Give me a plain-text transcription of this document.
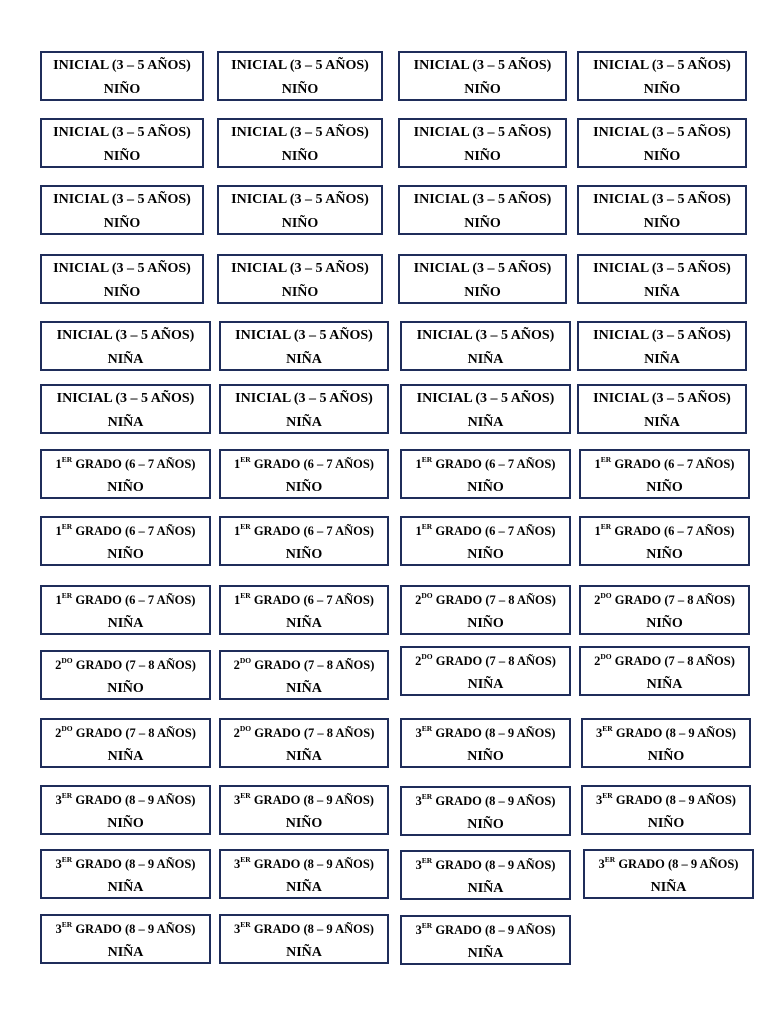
INICIAL (3 – 5 AÑOS)
NIÑO
INICIAL (3 – 5 AÑOS)
NIÑO
INICIAL (3 – 5 AÑOS)
NIÑO
INICIAL (3 – 5 AÑOS)
NIÑO
INICIAL (3 – 5 AÑOS)
NIÑO
INICIAL (3 – 5 AÑOS)
NIÑO
INICIAL (3 – 5 AÑOS)
NIÑO
INICIAL (3 – 5 AÑOS)
NIÑO
INICIAL (3 – 5 AÑOS)
NIÑO
INICIAL (3 – 5 AÑOS)
NIÑO
INICIAL (3 – 5 AÑOS)
NIÑO
INICIAL (3 – 5 AÑOS)
NIÑO
INICIAL (3 – 5 AÑOS)
NIÑO
INICIAL (3 – 5 AÑOS)
NIÑO
INICIAL (3 – 5 AÑOS)
NIÑO
INICIAL (3 – 5 AÑOS)
NIÑA
INICIAL (3 – 5 AÑOS)
NIÑA
INICIAL (3 – 5 AÑOS)
NIÑA
INICIAL (3 – 5 AÑOS)
NIÑA
INICIAL (3 – 5 AÑOS)
NIÑA
INICIAL (3 – 5 AÑOS)
NIÑA
INICIAL (3 – 5 AÑOS)
NIÑA
INICIAL (3 – 5 AÑOS)
NIÑA
INICIAL (3 – 5 AÑOS)
NIÑA
1ER GRADO (6 – 7 AÑOS)
NIÑO
1ER GRADO (6 – 7 AÑOS)
NIÑO
1ER GRADO (6 – 7 AÑOS)
NIÑO
1ER GRADO (6 – 7 AÑOS)
NIÑO
1ER GRADO (6 – 7 AÑOS)
NIÑO
1ER GRADO (6 – 7 AÑOS)
NIÑO
1ER GRADO (6 – 7 AÑOS)
NIÑO
1ER GRADO (6 – 7 AÑOS)
NIÑO
1ER GRADO (6 – 7 AÑOS)
NIÑA
1ER GRADO (6 – 7 AÑOS)
NIÑA
$2^{DO}$ GRADO (7 – 8 AÑOS)
NIÑO
$2^{DO}$ GRADO (7 – 8 AÑOS)
NIÑO
$2^{DO}$ GRADO (7 – 8 AÑOS)
NIÑO
$2^{DO}$ GRADO (7 – 8 AÑOS)
NIÑA
$2^{DO}$ GRADO (7 – 8 AÑOS)
NIÑA
$2^{DO}$ GRADO (7 – 8 AÑOS)
NIÑA
$2^{DO}$ GRADO (7 – 8 AÑOS)
NIÑA
$2^{DO}$ GRADO (7 – 8 AÑOS)
NIÑA
3ER GRADO (8 – 9 AÑOS)
NIÑO
3ER GRADO (8 – 9 AÑOS)
NIÑO
3ER GRADO (8 – 9 AÑOS)
NIÑO
3ER GRADO (8 – 9 AÑOS)
NIÑO
3ER GRADO (8 – 9 AÑOS)
NIÑO
3ER GRADO (8 – 9 AÑOS)
NIÑO
3ER GRADO (8 – 9 AÑOS)
NIÑA
3ER GRADO (8 – 9 AÑOS)
NIÑA
3ER GRADO (8 – 9 AÑOS)
NIÑA
3ER GRADO (8 – 9 AÑOS)
NIÑA
3ER GRADO (8 – 9 AÑOS)
NIÑA
3ER GRADO (8 – 9 AÑOS)
NIÑA
3ER GRADO (8 – 9 AÑOS)
NIÑA
